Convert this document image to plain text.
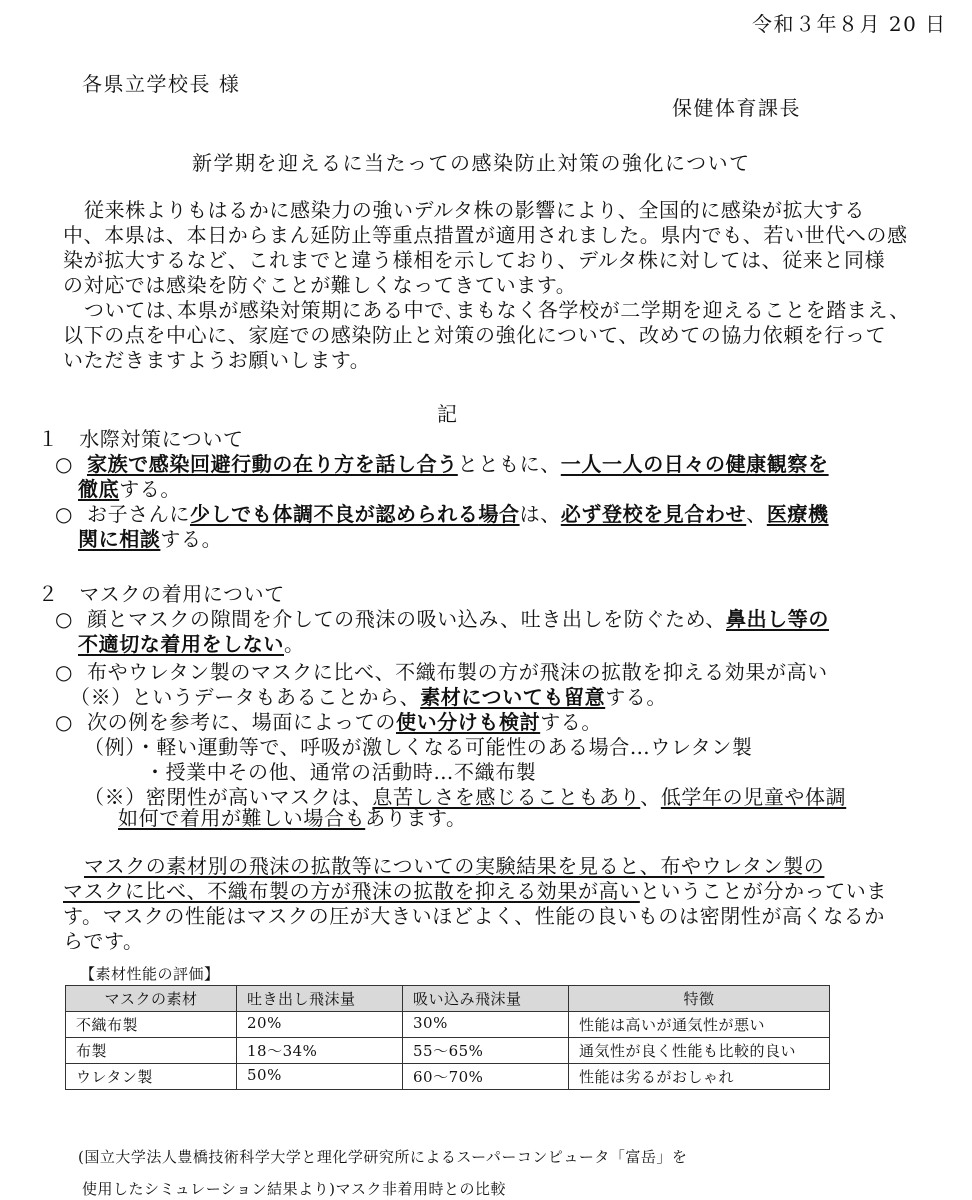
令和３年８月 20 日
各県立学校長 様
保健体育課長
新学期を迎えるに当たっての感染防止対策の強化について
従来株よりもはるかに感染力の強いデルタ株の影響により、全国的に感染が拡大する
中、本県は、本日からまん延防止等重点措置が適用されました。県内でも、若い世代への感
染が拡大するなど、これまでと違う様相を示しており、デルタ株に対しては、従来と同様
の対応では感染を防ぐことが難しくなってきています。
ついては､本県が感染対策期にある中で､まもなく各学校が二学期を迎えることを踏まえ、
以下の点を中心に、家庭での感染防止と対策の強化について、改めての協力依頼を行って
いただきますようお願いします。
記
１　水際対策について
○ 家族で感染回避行動の在り方を話し合うとともに、一人一人の日々の健康観察を
徹底する。
○ お子さんに少しでも体調不良が認められる場合は、必ず登校を見合わせ、医療機
関に相談する。
２　マスクの着用について
○ 顔とマスクの隙間を介しての飛沫の吸い込み、吐き出しを防ぐため、鼻出し等の
不適切な着用をしない。
○ 布やウレタン製のマスクに比べ、不織布製の方が飛沫の拡散を抑える効果が高い
（※）というデータもあることから、素材についても留意する。
○ 次の例を参考に、場面によっての使い分けも検討する。
（例）・軽い運動等で、呼吸が激しくなる可能性のある場合…ウレタン製
・授業中その他、通常の活動時…不織布製
（※）密閉性が高いマスクは、息苦しさを感じることもあり、低学年の児童や体調
如何で着用が難しい場合もあります。
マスクの素材別の飛沫の拡散等についての実験結果を見ると、布やウレタン製の
マスクに比べ、不織布製の方が飛沫の拡散を抑える効果が高いということが分かっていま
す。マスクの性能はマスクの圧が大きいほどよく、性能の良いものは密閉性が高くなるか
らです。
【素材性能の評価】
マスクの素材	吐き出し飛沫量	吸い込み飛沫量	特徴
不織布製	20%	30%	性能は高いが通気性が悪い
布製	18～34%	55～65%	通気性が良く性能も比較的良い
ウレタン製	50%	60～70%	性能は劣るがおしゃれ
(国立大学法人豊橋技術科学大学と理化学研究所によるスーパーコンピュータ「富岳」を
使用したシミュレーション結果より)マスク非着用時との比較
